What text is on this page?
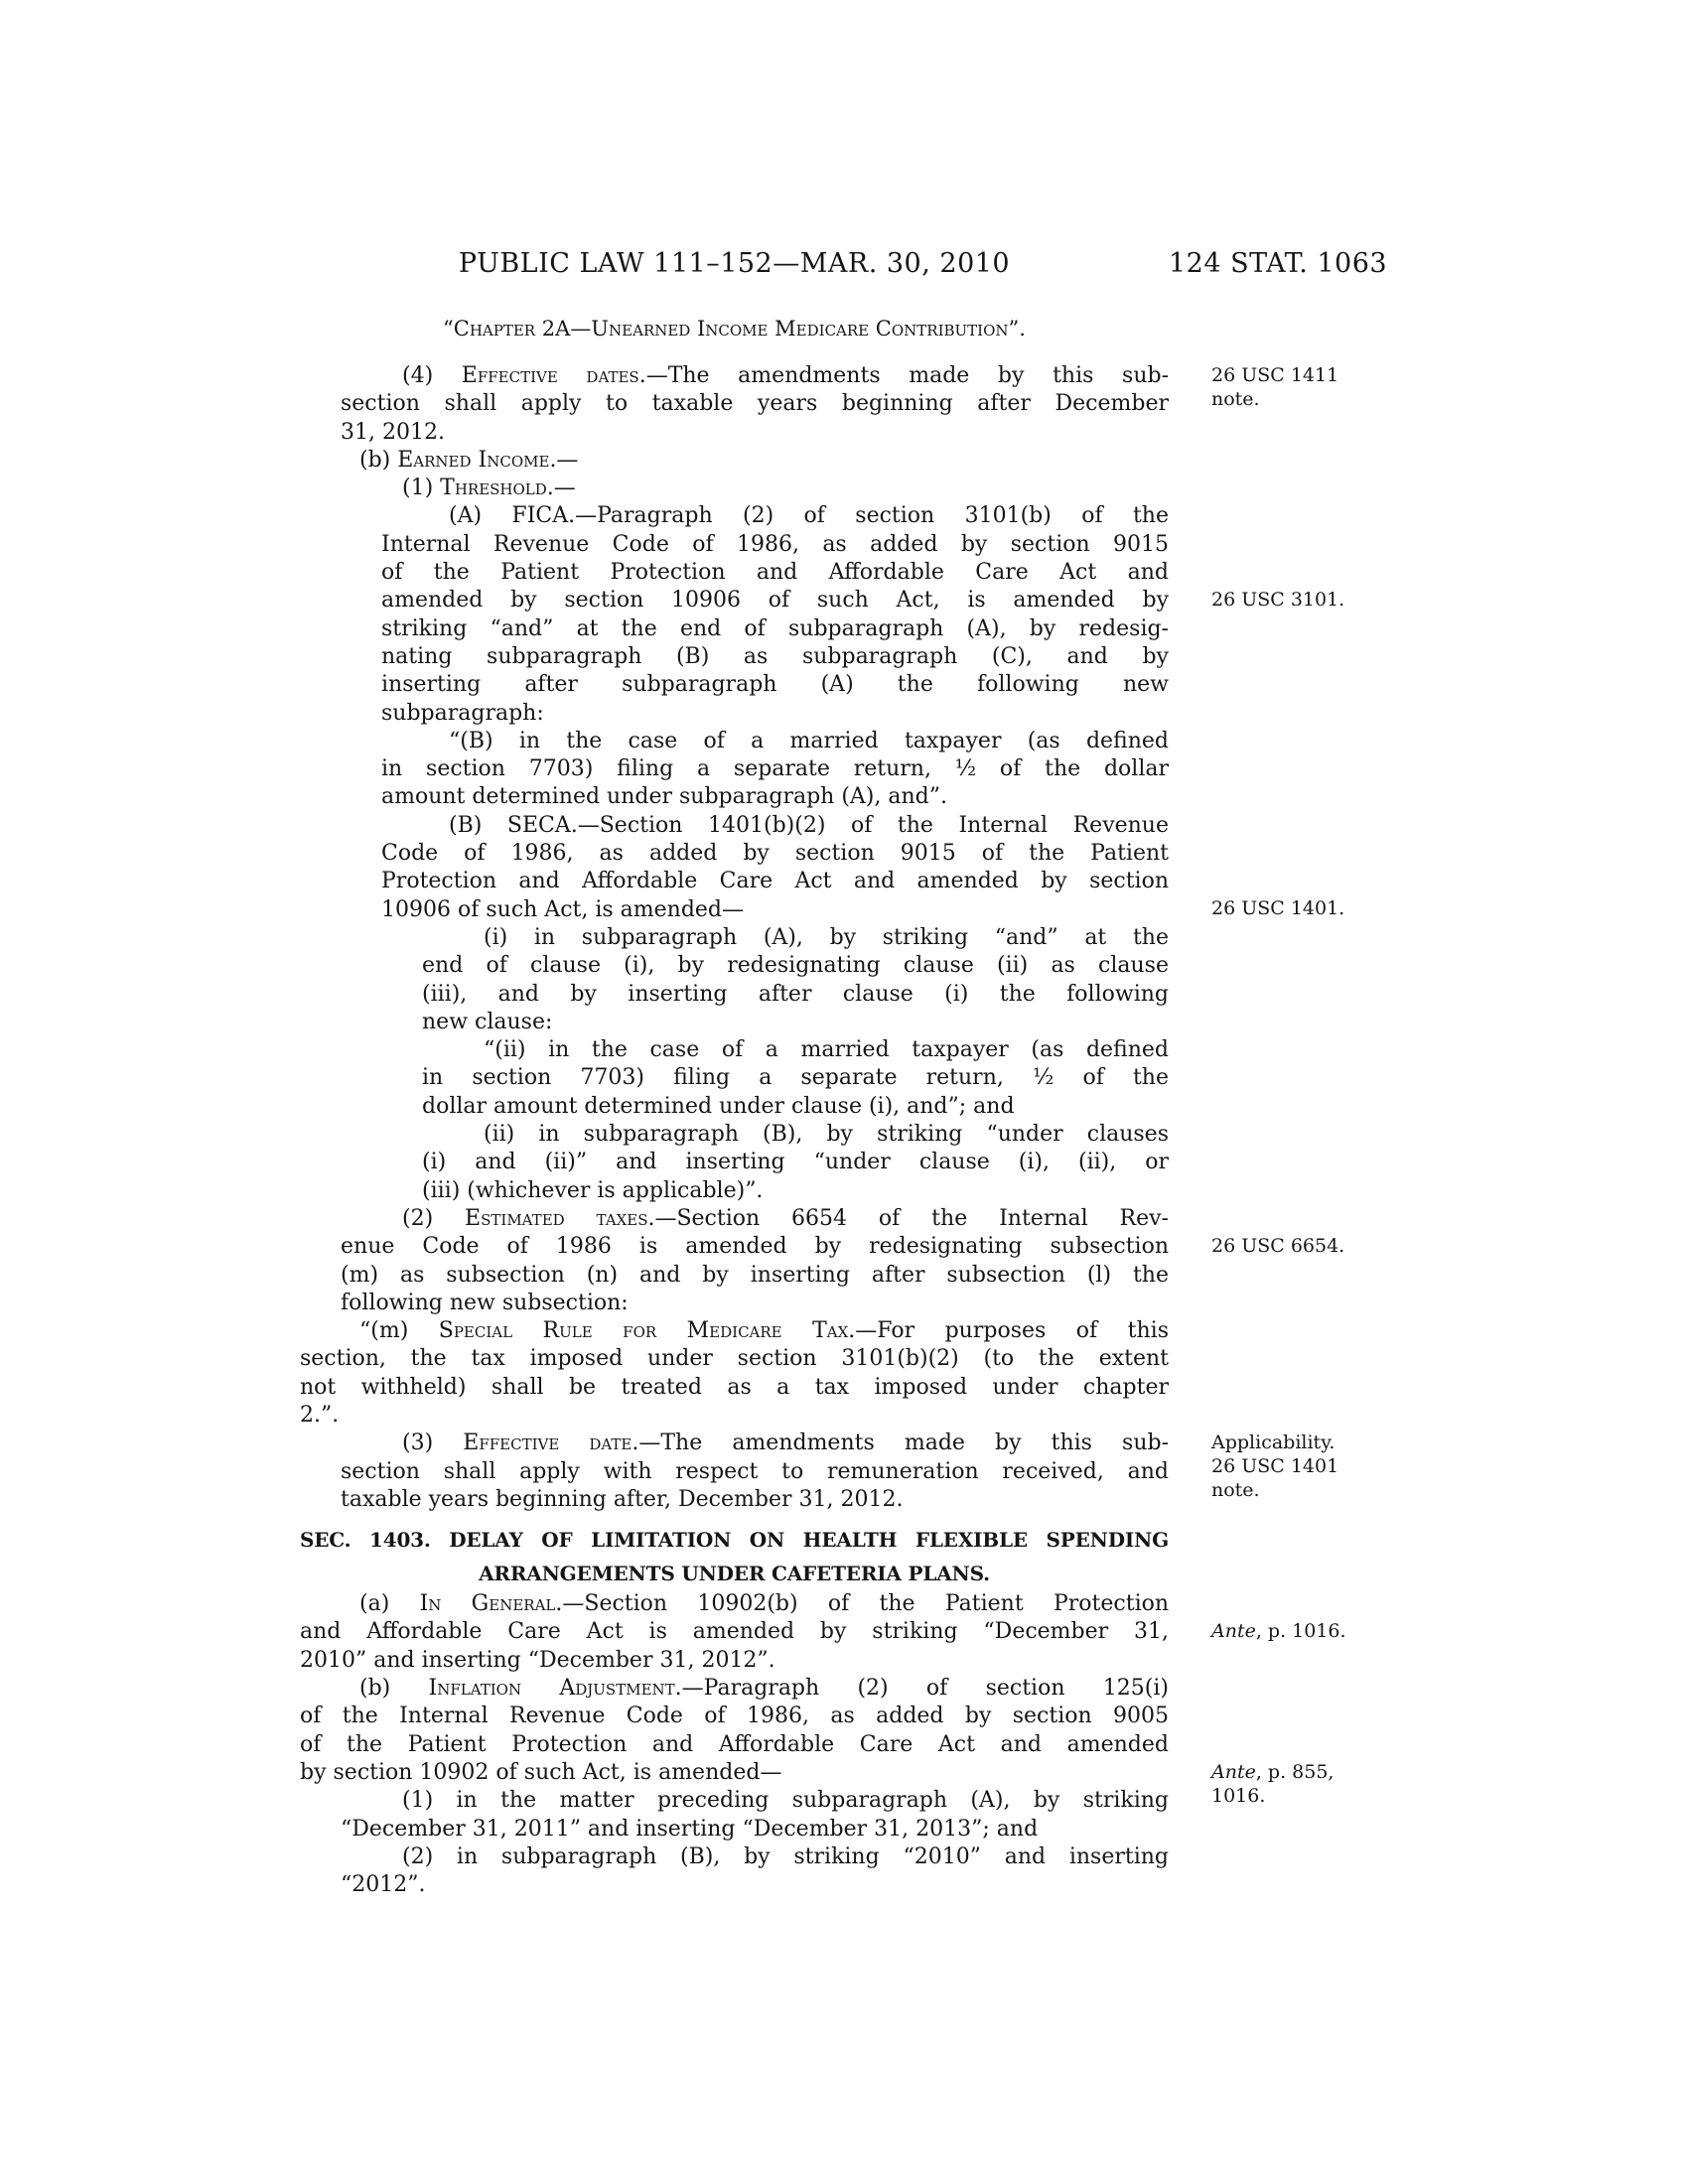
PUBLIC LAW 111–152—MAR. 30, 2010	124 STAT. 1063
“Chapter 2A—Unearned Income Medicare Contribution”.
(4) Effective dates.—The amendments made by this sub-
section shall apply to taxable years beginning after December
31, 2012.
(b) Earned Income.—
(1) Threshold.—
(A) FICA.—Paragraph (2) of section 3101(b) of the
Internal Revenue Code of 1986, as added by section 9015
of the Patient Protection and Affordable Care Act and
amended by section 10906 of such Act, is amended by
striking “and” at the end of subparagraph (A), by redesig-
nating subparagraph (B) as subparagraph (C), and by
inserting after subparagraph (A) the following new
subparagraph:
“(B) in the case of a married taxpayer (as defined
in section 7703) filing a separate return, ½ of the dollar
amount determined under subparagraph (A), and”.
(B) SECA.—Section 1401(b)(2) of the Internal Revenue
Code of 1986, as added by section 9015 of the Patient
Protection and Affordable Care Act and amended by section
10906 of such Act, is amended—
(i) in subparagraph (A), by striking “and” at the
end of clause (i), by redesignating clause (ii) as clause
(iii), and by inserting after clause (i) the following
new clause:
“(ii) in the case of a married taxpayer (as defined
in section 7703) filing a separate return, ½ of the
dollar amount determined under clause (i), and”; and
(ii) in subparagraph (B), by striking “under clauses
(i) and (ii)” and inserting “under clause (i), (ii), or
(iii) (whichever is applicable)”.
(2) Estimated taxes.—Section 6654 of the Internal Rev-
enue Code of 1986 is amended by redesignating subsection
(m) as subsection (n) and by inserting after subsection (l) the
following new subsection:
“(m) Special Rule for Medicare Tax.—For purposes of this
section, the tax imposed under section 3101(b)(2) (to the extent
not withheld) shall be treated as a tax imposed under chapter
2.”.
(3) Effective date.—The amendments made by this sub-
section shall apply with respect to remuneration received, and
taxable years beginning after, December 31, 2012.
SEC. 1403. DELAY OF LIMITATION ON HEALTH FLEXIBLE SPENDING
ARRANGEMENTS UNDER CAFETERIA PLANS.
(a) In General.—Section 10902(b) of the Patient Protection
and Affordable Care Act is amended by striking “December 31,
2010” and inserting “December 31, 2012”.
(b) Inflation Adjustment.—Paragraph (2) of section 125(i)
of the Internal Revenue Code of 1986, as added by section 9005
of the Patient Protection and Affordable Care Act and amended
by section 10902 of such Act, is amended—
(1) in the matter preceding subparagraph (A), by striking
“December 31, 2011” and inserting “December 31, 2013”; and
(2) in subparagraph (B), by striking “2010” and inserting
“2012”.
26 USC 1411
note.
26 USC 3101.
26 USC 1401.
26 USC 6654.
Applicability.
26 USC 1401
note.
Ante, p. 1016.
Ante, p. 855,
1016.
